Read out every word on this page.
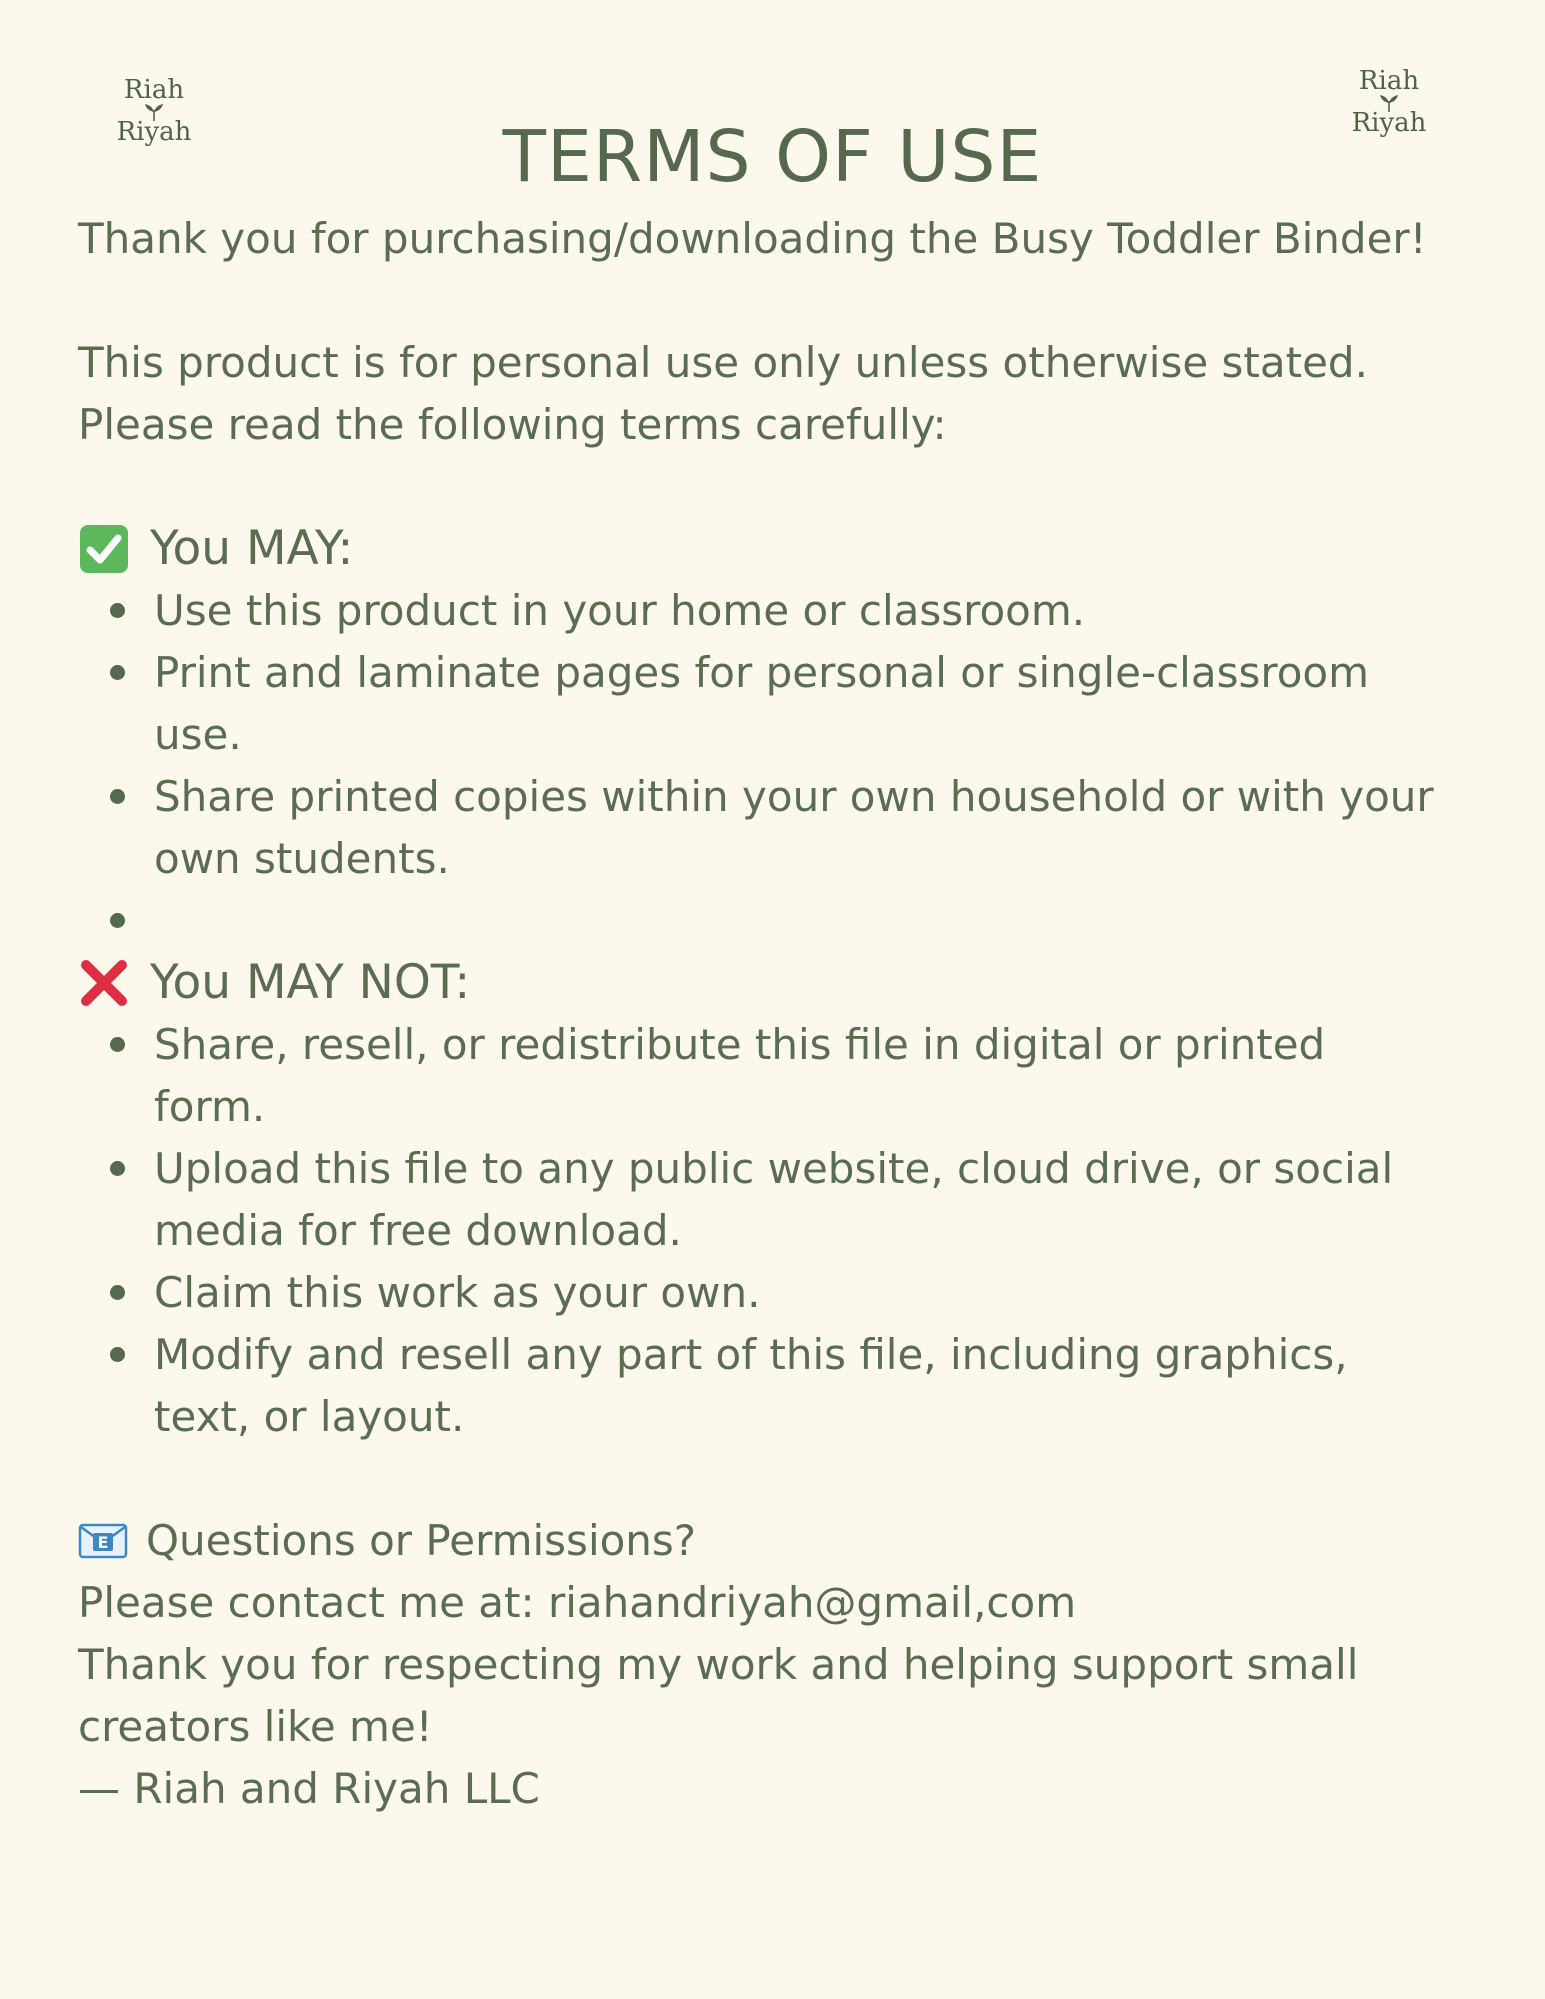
Riah
Riyah
Riah
Riyah
TERMS OF USE

Thank you for purchasing/downloading the Busy Toddler Binder!

This product is for personal use only unless otherwise stated.

Please read the following terms carefully:

You MAY:
Use this product in your home or classroom.
Print and laminate pages for personal or single-classroom use.
Share printed copies within your own household or with your own students.
You MAY NOT:
Share, resell, or redistribute this file in digital or printed form.
Upload this file to any public website, cloud drive, or social media for free download.
Claim this work as your own.
Modify and resell any part of this file, including graphics, text, or layout.
E Questions or Permissions?

Please contact me at: riahandriyah@gmail,com

Thank you for respecting my work and helping support small creators like me!

— Riah and Riyah LLC
